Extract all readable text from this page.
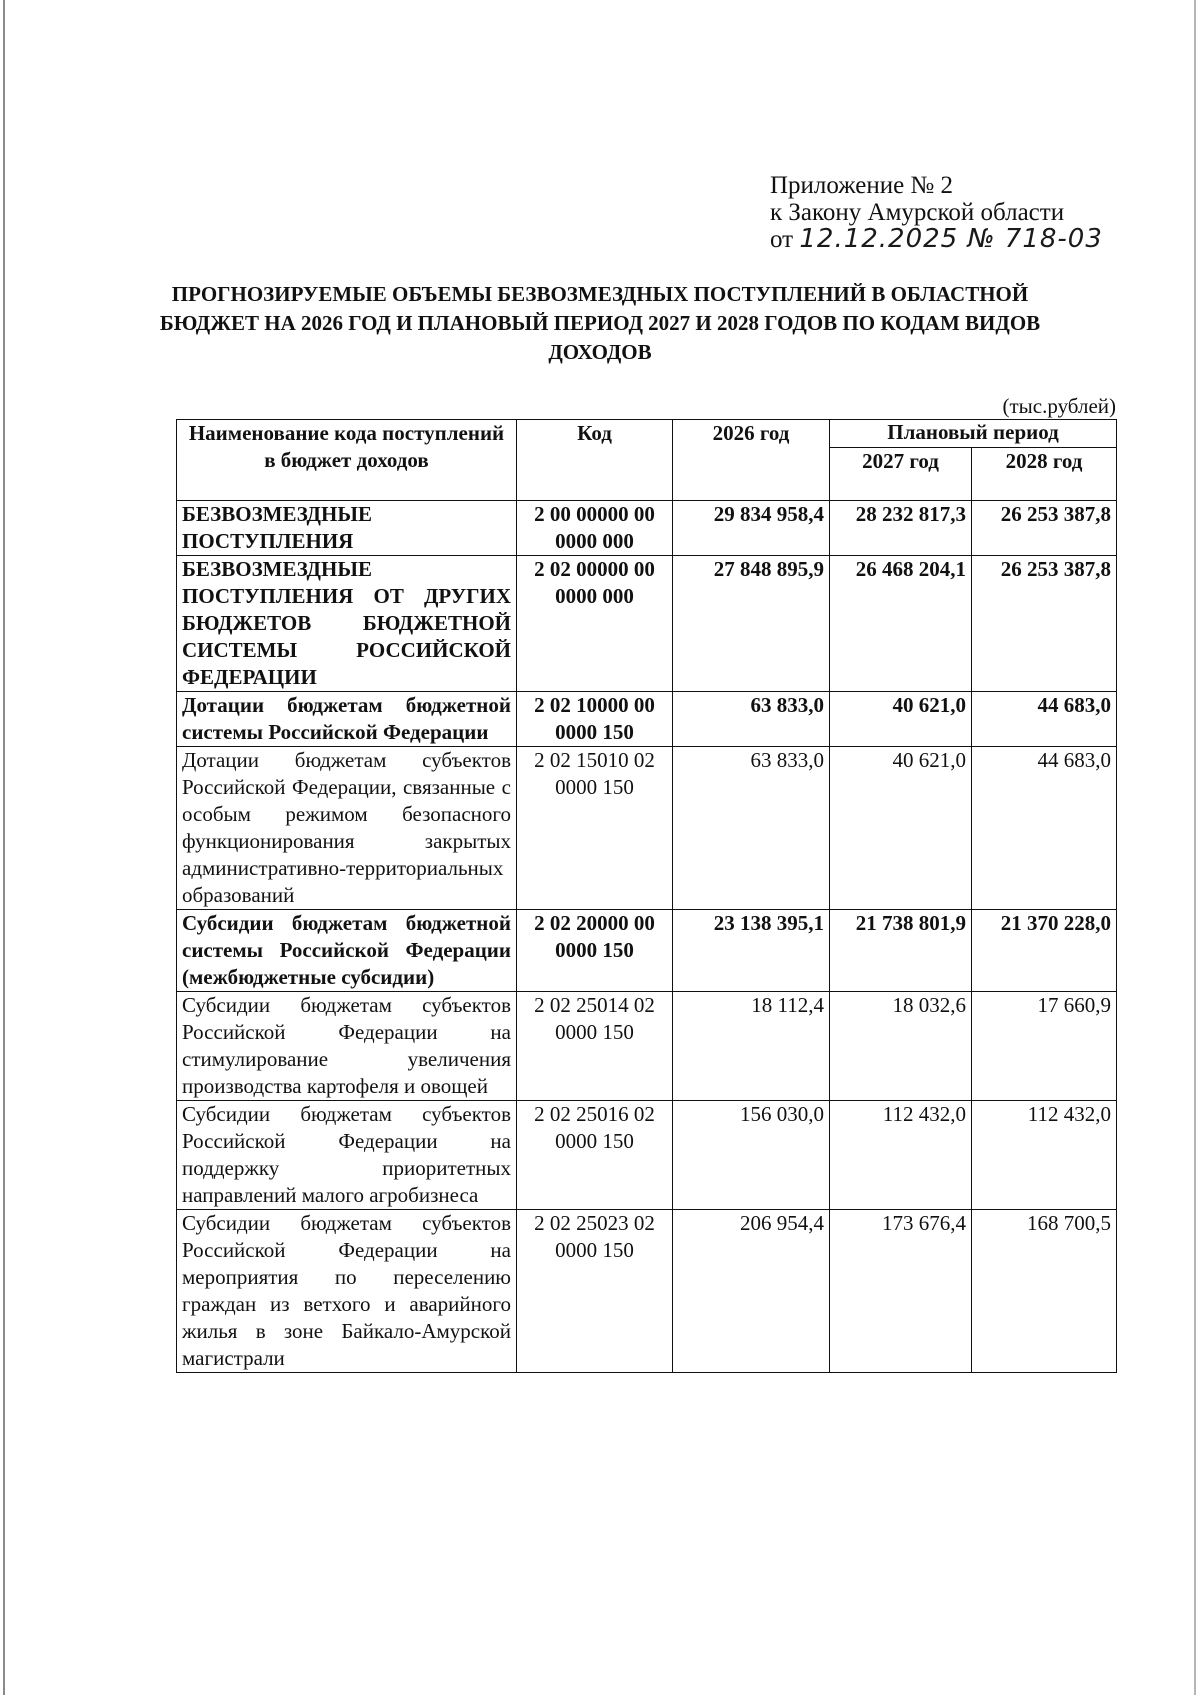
Приложение № 2
к Закону Амурской области
от 12.12.2025 № 718-03
ПРОГНОЗИРУЕМЫЕ ОБЪЕМЫ БЕЗВОЗМЕЗДНЫХ ПОСТУПЛЕНИЙ В ОБЛАСТНОЙ БЮДЖЕТ НА 2026 ГОД И ПЛАНОВЫЙ ПЕРИОД 2027 И 2028 ГОДОВ ПО КОДАМ ВИДОВ ДОХОДОВ
(тыс.рублей)
Наименование кода поступлений в бюджет доходов	Код	2026 год	Плановый период	
			2027 год	2028 год
БЕЗВОЗМЕЗДНЫЕ ПОСТУПЛЕНИЯ	2 00 00000 00 0000 000	29 834 958,4	28 232 817,3	26 253 387,8
БЕЗВОЗМЕЗДНЫЕ ПОСТУПЛЕНИЯ ОТ ДРУГИХ БЮДЖЕТОВ БЮДЖЕТНОЙ СИСТЕМЫ РОССИЙСКОЙ ФЕДЕРАЦИИ	2 02 00000 00 0000 000	27 848 895,9	26 468 204,1	26 253 387,8
Дотации бюджетам бюджетной системы Российской Федерации	2 02 10000 00 0000 150	63 833,0	40 621,0	44 683,0
Дотации бюджетам субъектов Российской Федерации, связанные с особым режимом безопасного функционирования закрытых административно-территориальных образований	2 02 15010 02 0000 150	63 833,0	40 621,0	44 683,0
Субсидии бюджетам бюджетной системы Российской Федерации (межбюджетные субсидии)	2 02 20000 00 0000 150	23 138 395,1	21 738 801,9	21 370 228,0
Субсидии бюджетам субъектов Российской Федерации на стимулирование увеличения производства картофеля и овощей	2 02 25014 02 0000 150	18 112,4	18 032,6	17 660,9
Субсидии бюджетам субъектов Российской Федерации на поддержку приоритетных направлений малого агробизнеса	2 02 25016 02 0000 150	156 030,0	112 432,0	112 432,0
Субсидии бюджетам субъектов Российской Федерации на мероприятия по переселению граждан из ветхого и аварийного жилья в зоне Байкало-Амурской магистрали	2 02 25023 02 0000 150	206 954,4	173 676,4	168 700,5
